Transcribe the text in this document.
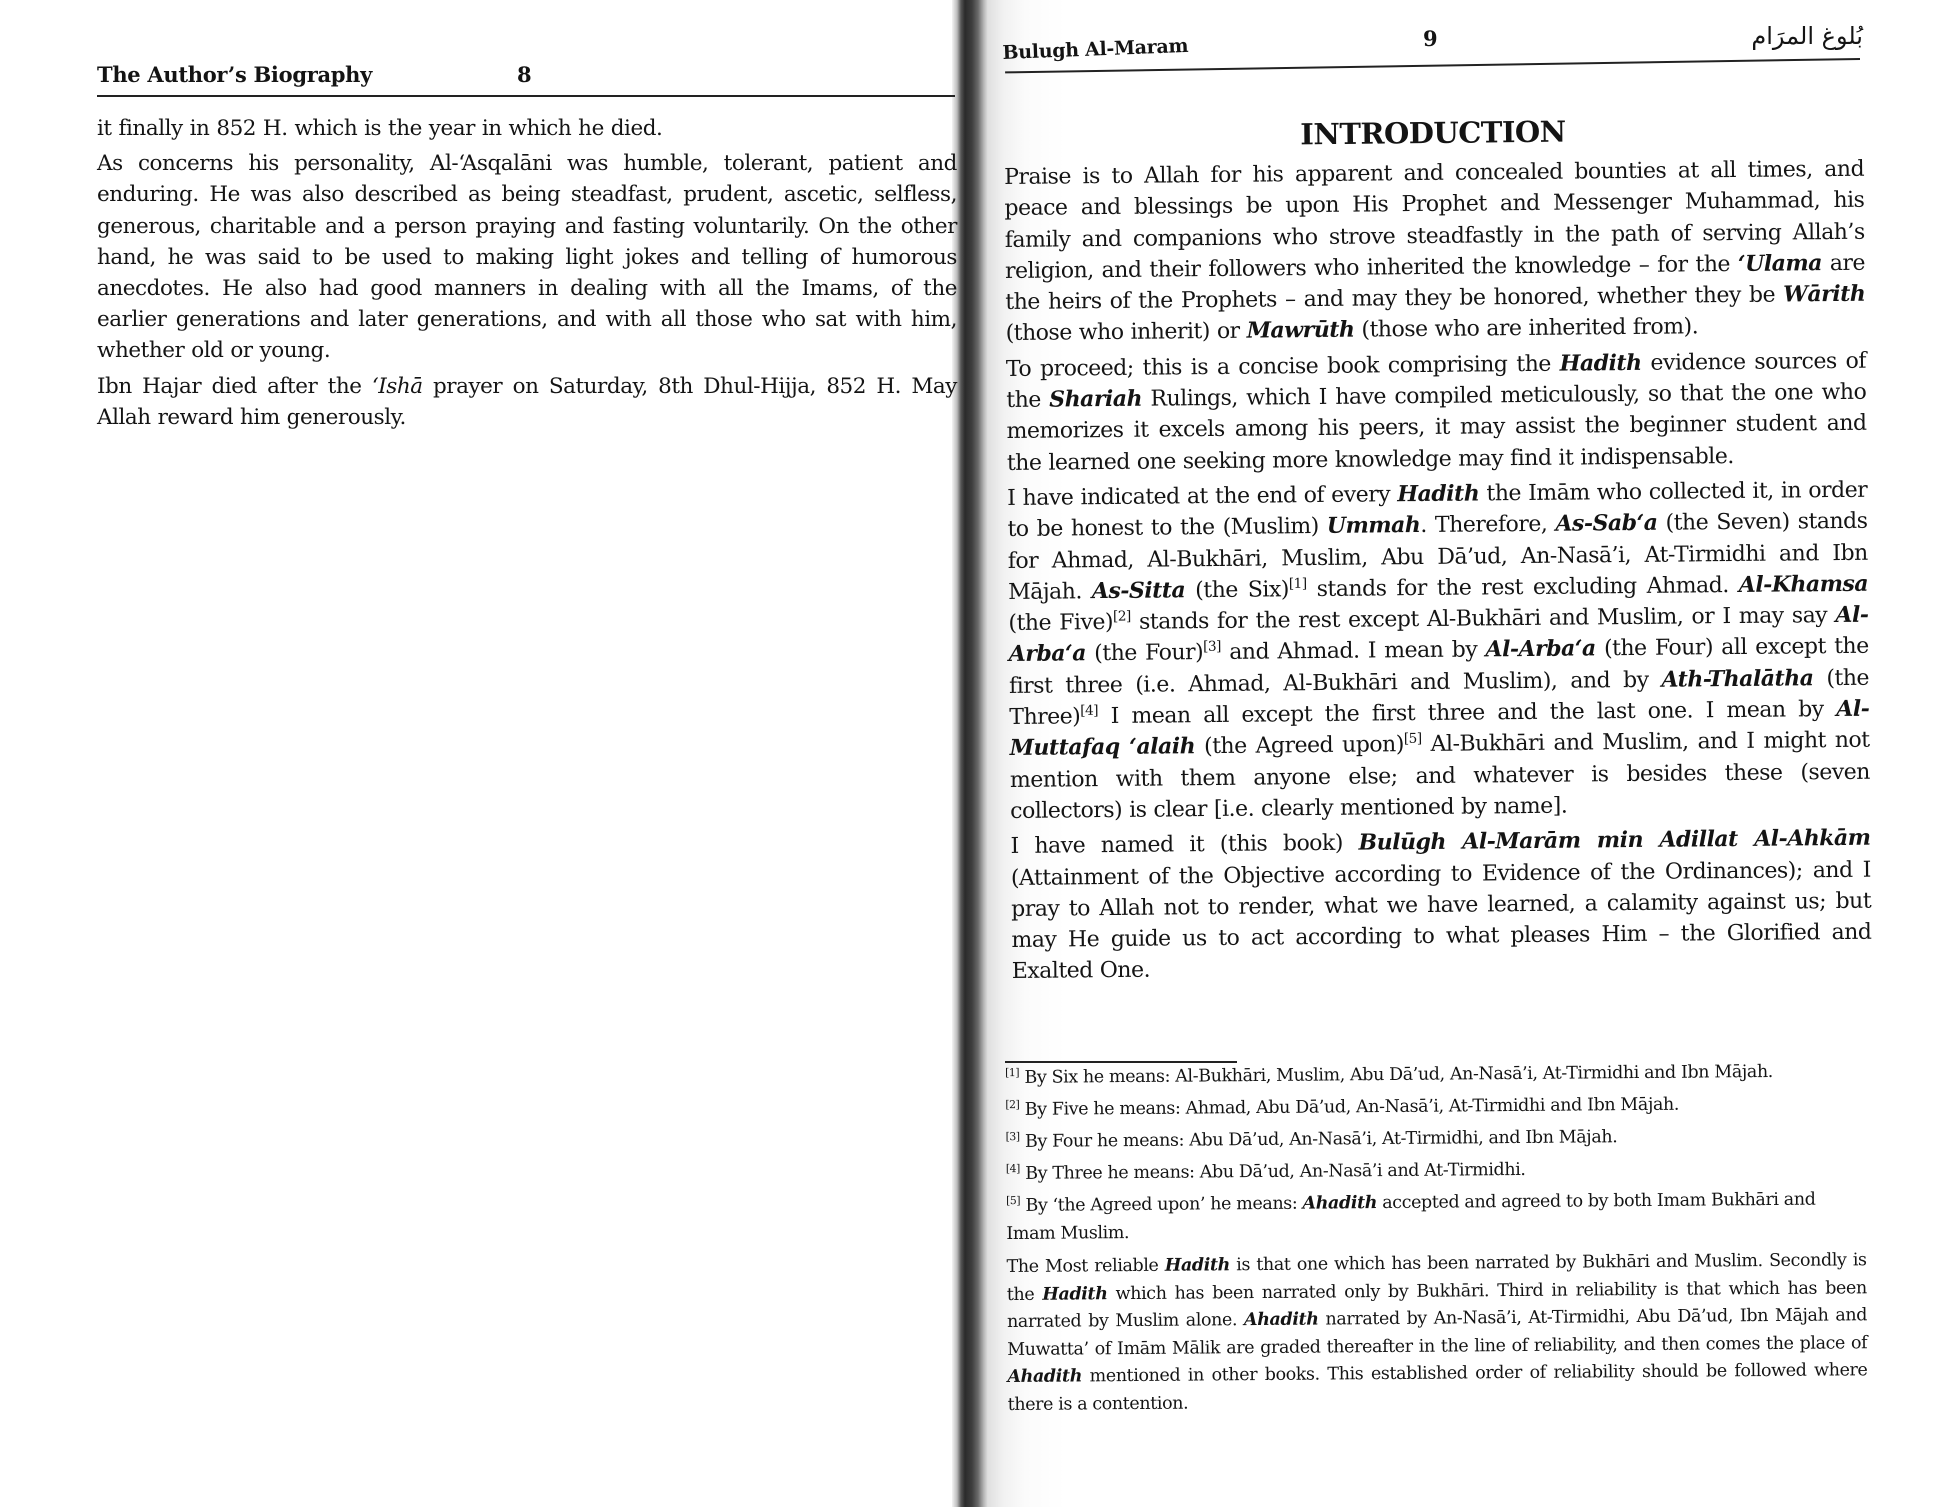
The Author’s Biography	8

it finally in 852 H. which is the year in which he died.

As concerns his personality, Al-‘Asqalāni was humble, tolerant, patient and enduring. He was also described as being steadfast, prudent, ascetic, selfless, generous, charitable and a person praying and fasting voluntarily. On the other hand, he was said to be used to making light jokes and telling of humorous anecdotes. He also had good manners in dealing with all the Imams, of the earlier generations and later generations, and with all those who sat with him, whether old or young.

Ibn Hajar died after the ‘Ishā prayer on Saturday, 8th Dhul-Hijja, 852 H. May Allah reward him generously.

Bulugh Al-Maram	9	بُلوغ المرَام
INTRODUCTION

Praise is to Allah for his apparent and concealed bounties at all times, and peace and blessings be upon His Prophet and Messenger Muhammad, his family and companions who strove steadfastly in the path of serving Allah’s religion, and their followers who inherited the knowledge – for the ‘Ulama are the heirs of the Prophets – and may they be honored, whether they be Wārith (those who inherit) or Mawrūth (those who are inherited from).

To proceed; this is a concise book comprising the Hadith evidence sources of the Shariah Rulings, which I have compiled meticulously, so that the one who memorizes it excels among his peers, it may assist the beginner student and the learned one seeking more knowledge may find it indispensable.

I have indicated at the end of every Hadith the Imām who collected it, in order to be honest to the (Muslim) Ummah. Therefore, As-Sab‘a (the Seven) stands for Ahmad, Al-Bukhāri, Muslim, Abu Dā’ud, An-Nasā’i, At-Tirmidhi and Ibn Mājah. As-Sitta (the Six)[1] stands for the rest excluding Ahmad. Al-Khamsa (the Five)[2] stands for the rest except Al-Bukhāri and Muslim, or I may say Al-Arba‘a (the Four)[3] and Ahmad. I mean by Al-Arba‘a (the Four) all except the first three (i.e. Ahmad, Al-Bukhāri and Muslim), and by Ath-Thalātha (the Three)[4] I mean all except the first three and the last one. I mean by Al-Muttafaq ‘alaih (the Agreed upon)[5] Al-Bukhāri and Muslim, and I might not mention with them anyone else; and whatever is besides these (seven collectors) is clear [i.e. clearly mentioned by name].

I have named it (this book) Bulūgh Al-Marām min Adillat Al-Ahkām (Attainment of the Objective according to Evidence of the Ordinances); and I pray to Allah not to render, what we have learned, a calamity against us; but may He guide us to act according to what pleases Him – the Glorified and Exalted One.

[1] By Six he means: Al-Bukhāri, Muslim, Abu Dā’ud, An-Nasā’i, At-Tirmidhi and Ibn Mājah.
[2] By Five he means: Ahmad, Abu Dā’ud, An-Nasā’i, At-Tirmidhi and Ibn Mājah.
[3] By Four he means: Abu Dā’ud, An-Nasā’i, At-Tirmidhi, and Ibn Mājah.
[4] By Three he means: Abu Dā’ud, An-Nasā’i and At-Tirmidhi.
[5] By ‘the Agreed upon’ he means: Ahadith accepted and agreed to by both Imam Bukhāri and Imam Muslim.
The Most reliable Hadith is that one which has been narrated by Bukhāri and Muslim. Secondly is the Hadith which has been narrated only by Bukhāri. Third in reliability is that which has been narrated by Muslim alone. Ahadith narrated by An-Nasā’i, At-Tirmidhi, Abu Dā’ud, Ibn Mājah and Muwatta’ of Imām Mālik are graded thereafter in the line of reliability, and then comes the place of Ahadith mentioned in other books. This established order of reliability should be followed where there is a contention.
